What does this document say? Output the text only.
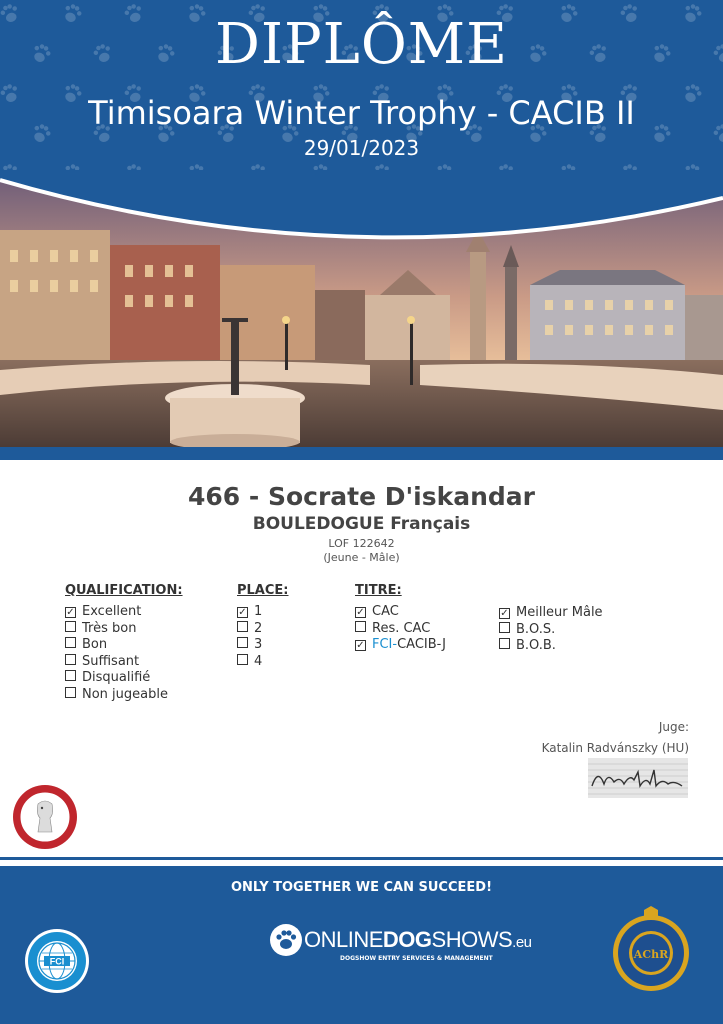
DIPLÔME
Timisoara Winter Trophy - CACIB II
29/01/2023
466 - Socrate D'iskandar
BOULEDOGUE Français
LOF 122642
(Jeune - Mâle)
QUALIFICATION:
✓ Excellent
Très bon
Bon
Suffisant
Disqualifié
Non jugeable
PLACE:
✓ 1
2
3
4
TITRE:
✓ CAC
Res. CAC
✓ FCI-CACIB-J
✓ Meilleur Mâle
B.O.S.
B.O.B.
Juge:
Katalin Radvánszky (HU)
ONLY TOGETHER WE CAN SUCCEED!
ONLINEDOGSHOWS.eu
DOGSHOW ENTRY SERVICES & MANAGEMENT
FCI
AChR
